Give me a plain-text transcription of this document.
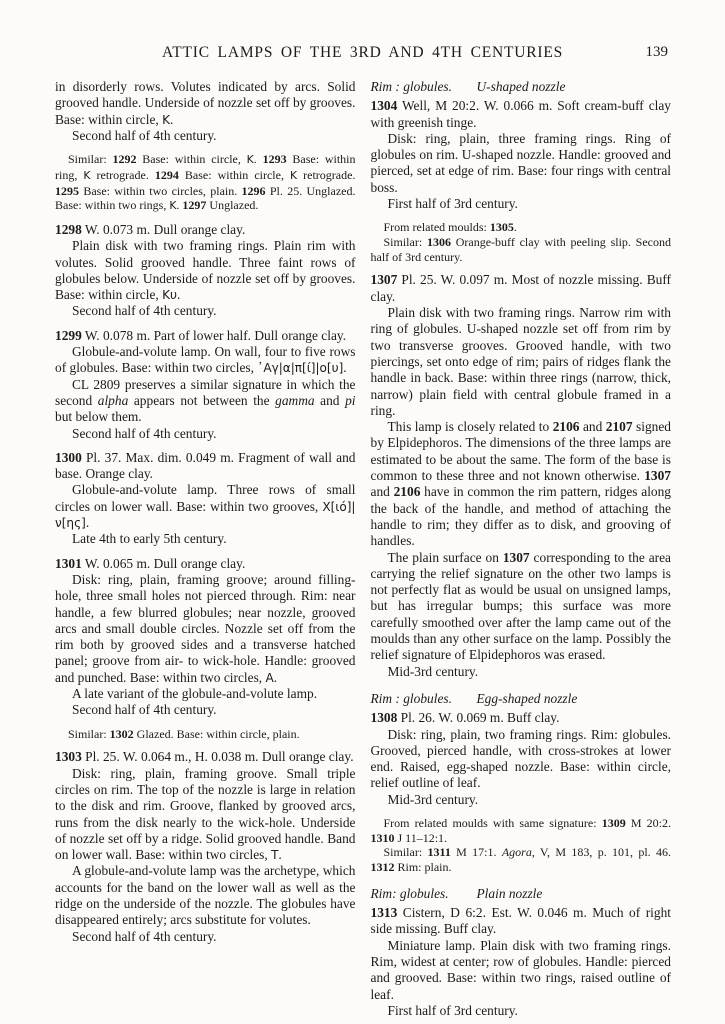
ATTIC LAMPS OF THE 3RD AND 4TH CENTURIES	139

in disorderly rows. Volutes indicated by arcs. Solid grooved handle. Underside of nozzle set off by grooves. Base: within circle, Κ.

Second half of 4th century.

Similar: 1292 Base: within circle, Κ. 1293 Base: within ring, Κ retrograde. 1294 Base: within circle, Κ retrograde. 1295 Base: within two circles, plain. 1296 Pl. 25. Unglazed. Base: within two rings, Κ. 1297 Unglazed.

1298 W. 0.073 m. Dull orange clay.

Plain disk with two framing rings. Plain rim with volutes. Solid grooved handle. Three faint rows of globules below. Underside of nozzle set off by grooves. Base: within circle, Κυ.

Second half of 4th century.

1299 W. 0.078 m. Part of lower half. Dull orange clay.

Globule-and-volute lamp. On wall, four to five rows of globules. Base: within two circles, ᾿Αγ|α|π[ί]|ο[υ].

CL 2809 preserves a similar signature in which the second alpha appears not between the gamma and pi but below them.

Second half of 4th century.

1300 Pl. 37. Max. dim. 0.049 m. Fragment of wall and base. Orange clay.

Globule-and-volute lamp. Three rows of small circles on lower wall. Base: within two grooves, Χ[ιό]|ν[ης].

Late 4th to early 5th century.

1301 W. 0.065 m. Dull orange clay.

Disk: ring, plain, framing groove; around filling-hole, three small holes not pierced through. Rim: near handle, a few blurred globules; near nozzle, grooved arcs and small double circles. Nozzle set off from the rim both by grooved sides and a transverse hatched panel; groove from air- to wick-hole. Handle: grooved and punched. Base: within two circles, Α.

A late variant of the globule-and-volute lamp.

Second half of 4th century.

Similar: 1302 Glazed. Base: within circle, plain.

1303 Pl. 25. W. 0.064 m., H. 0.038 m. Dull orange clay.

Disk: ring, plain, framing groove. Small triple circles on rim. The top of the nozzle is large in relation to the disk and rim. Groove, flanked by grooved arcs, runs from the disk nearly to the wick-hole. Underside of nozzle set off by a ridge. Solid grooved handle. Band on lower wall. Base: within two circles, Τ.

A globule-and-volute lamp was the archetype, which accounts for the band on the lower wall as well as the ridge on the underside of the nozzle. The globules have disappeared entirely; arcs substitute for volutes.

Second half of 4th century.

Rim : globules. U-shaped nozzle

1304 Well, M 20:2. W. 0.066 m. Soft cream-buff clay with greenish tinge.

Disk: ring, plain, three framing rings. Ring of globules on rim. U-shaped nozzle. Handle: grooved and pierced, set at edge of rim. Base: four rings with central boss.

First half of 3rd century.

From related moulds: 1305.

Similar: 1306 Orange-buff clay with peeling slip. Second half of 3rd century.

1307 Pl. 25. W. 0.097 m. Most of nozzle missing. Buff clay.

Plain disk with two framing rings. Narrow rim with ring of globules. U-shaped nozzle set off from rim by two transverse grooves. Grooved handle, with two piercings, set onto edge of rim; pairs of ridges flank the handle in back. Base: within three rings (narrow, thick, narrow) plain field with central globule framed in a ring.

This lamp is closely related to 2106 and 2107 signed by Elpidephoros. The dimensions of the three lamps are estimated to be about the same. The form of the base is common to these three and not known otherwise. 1307 and 2106 have in common the rim pattern, ridges along the back of the handle, and method of attaching the handle to rim; they differ as to disk, and grooving of handles.

The plain surface on 1307 corresponding to the area carrying the relief signature on the other two lamps is not perfectly flat as would be usual on unsigned lamps, but has irregular bumps; this surface was more carefully smoothed over after the lamp came out of the moulds than any other surface on the lamp. Possibly the relief signature of Elpidephoros was erased.

Mid-3rd century.

Rim : globules. Egg-shaped nozzle

1308 Pl. 26. W. 0.069 m. Buff clay.

Disk: ring, plain, two framing rings. Rim: globules. Grooved, pierced handle, with cross-strokes at lower end. Raised, egg-shaped nozzle. Base: within circle, relief outline of leaf.

Mid-3rd century.

From related moulds with same signature: 1309 M 20:2. 1310 J 11–12:1.

Similar: 1311 M 17:1. Agora, V, M 183, p. 101, pl. 46. 1312 Rim: plain.

Rim: globules. Plain nozzle

1313 Cistern, D 6:2. Est. W. 0.046 m. Much of right side missing. Buff clay.

Miniature lamp. Plain disk with two framing rings. Rim, widest at center; row of globules. Handle: pierced and grooved. Base: within two rings, raised outline of leaf.

First half of 3rd century.
